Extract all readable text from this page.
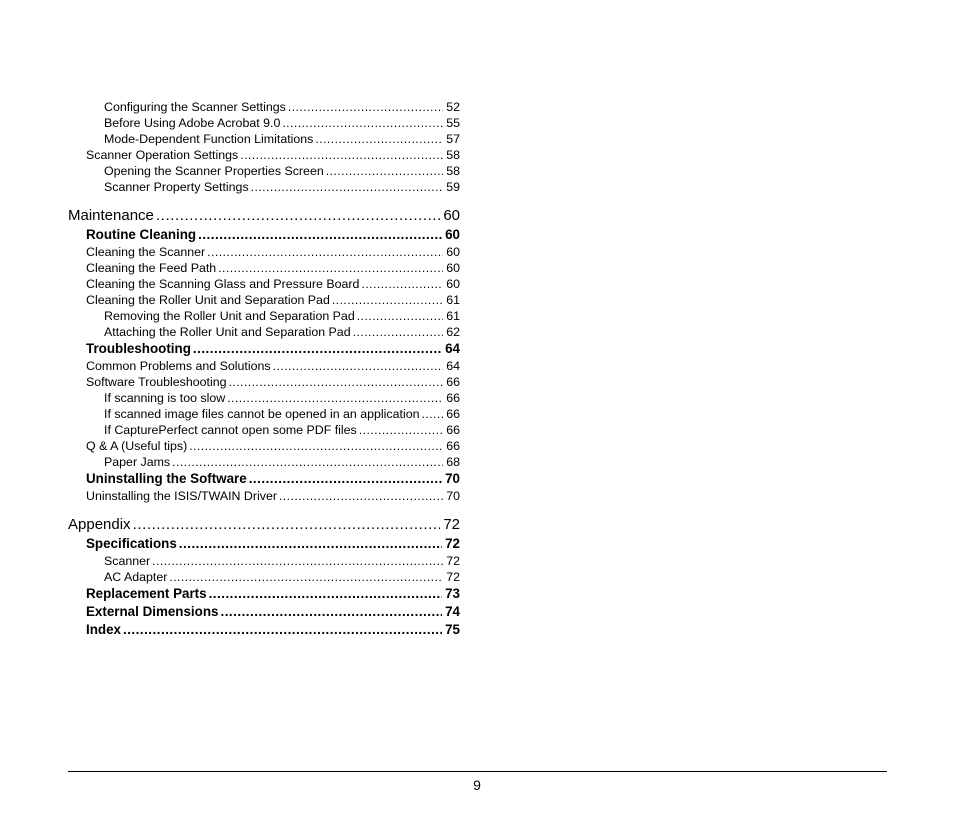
Configuring the Scanner Settings .....	52
Before Using Adobe Acrobat 9.0 .....	55
Mode-Dependent Function Limitations .....	57
Scanner Operation Settings .....	58
Opening the Scanner Properties Screen .....	58
Scanner Property Settings .....	59
Maintenance .....	60
Routine Cleaning .....	60
Cleaning the Scanner .....	60
Cleaning the Feed Path .....	60
Cleaning the Scanning Glass and Pressure Board .....	60
Cleaning the Roller Unit and Separation Pad .....	61
Removing the Roller Unit and Separation Pad .....	61
Attaching the Roller Unit and Separation Pad .....	62
Troubleshooting .....	64
Common Problems and Solutions .....	64
Software Troubleshooting .....	66
If scanning is too slow .....	66
If scanned image files cannot be opened in an application ..... 66
If CapturePerfect cannot open some PDF files .....	66
Q & A (Useful tips) .....	66
Paper Jams .....	68
Uninstalling the Software .....	70
Uninstalling the ISIS/TWAIN Driver .....	70
Appendix .....	72
Specifications .....	72
Scanner .....	72
AC Adapter .....	72
Replacement Parts .....	73
External Dimensions .....	74
Index .....	75
9
